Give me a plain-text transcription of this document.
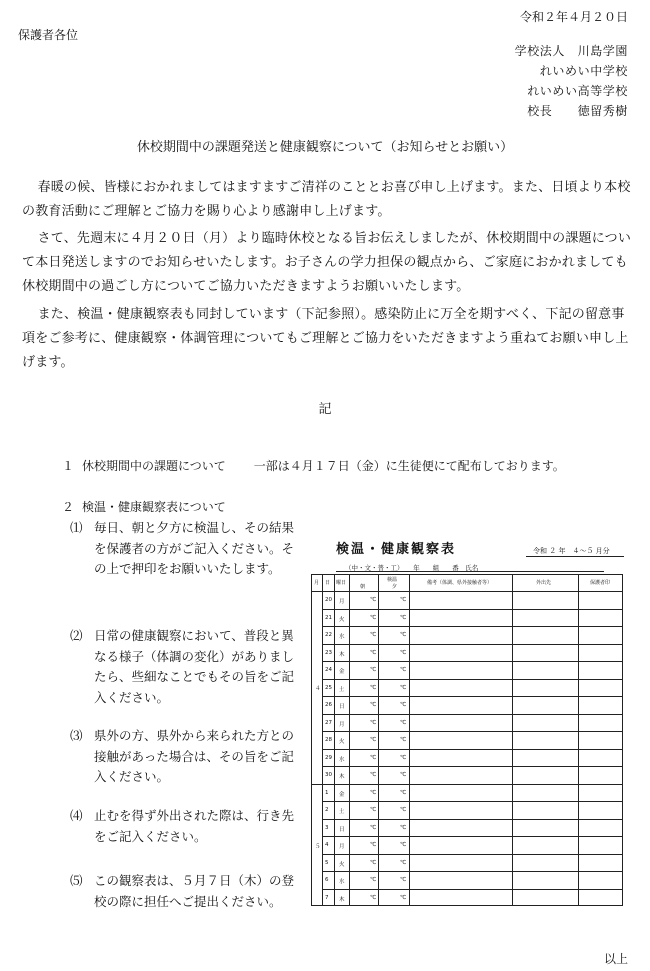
令和２年４月２０日
保護者各位
学校法人　川島学園
れいめい中学校
れいめい高等学校
校長　　徳留秀樹
休校期間中の課題発送と健康観察について（お知らせとお願い）
春暖の候、皆様におかれましてはますますご清祥のこととお喜び申し上げます。また、日頃より本校の教育活動にご理解とご協力を賜り心より感謝申し上げます。
さて、先週末に４月２０日（月）より臨時休校となる旨お伝えしましたが、休校期間中の課題について本日発送しますのでお知らせいたします。お子さんの学力担保の観点から、ご家庭におかれましても休校期間中の過ごし方についてご協力いただきますようお願いいたします。
また、検温・健康観察表も同封しています（下記参照）。感染防止に万全を期すべく、下記の留意事項をご参考に、健康観察・体調管理についてもご理解とご協力をいただきますよう重ねてお願い申し上げます。
記
１ 休校期間中の課題について 一部は４月１７日（金）に生徒便にて配布しております。
２ 検温・健康観察表について
⑴ 毎日、朝と夕方に検温し、その結果を保護者の方がご記入ください。その上で押印をお願いいたします。
⑵ 日常の健康観察において、普段と異なる様子（体調の変化）がありましたら、些細なことでもその旨をご記入ください。
⑶ 県外の方、県外から来られた方との接触があった場合は、その旨をご記入ください。
⑷ 止むを得ず外出された際は、行き先をご記入ください。
⑸ この観察表は、５月７日（木）の登校の際に担任へご提出ください。
検温・健康観察表	令和 ２ 年　４〜５ 月分
（中・文・普・工）　　年　　組　　番　氏名
月 日 曜日	検温
朝	夕
備考（体調、県外接触者等）	外出先	保護者印
４
５
20 月	℃	℃
21 火	℃	℃
22 水	℃	℃
23 木	℃	℃
24 金	℃	℃
25 土	℃	℃
26 日	℃	℃
27 月	℃	℃
28 火	℃	℃
29 水	℃	℃
30 木	℃	℃
1 金	℃	℃
2 土	℃	℃
3 日	℃	℃
4 月	℃	℃
5 火	℃	℃
6 水	℃	℃
7 木	℃	℃
以上
